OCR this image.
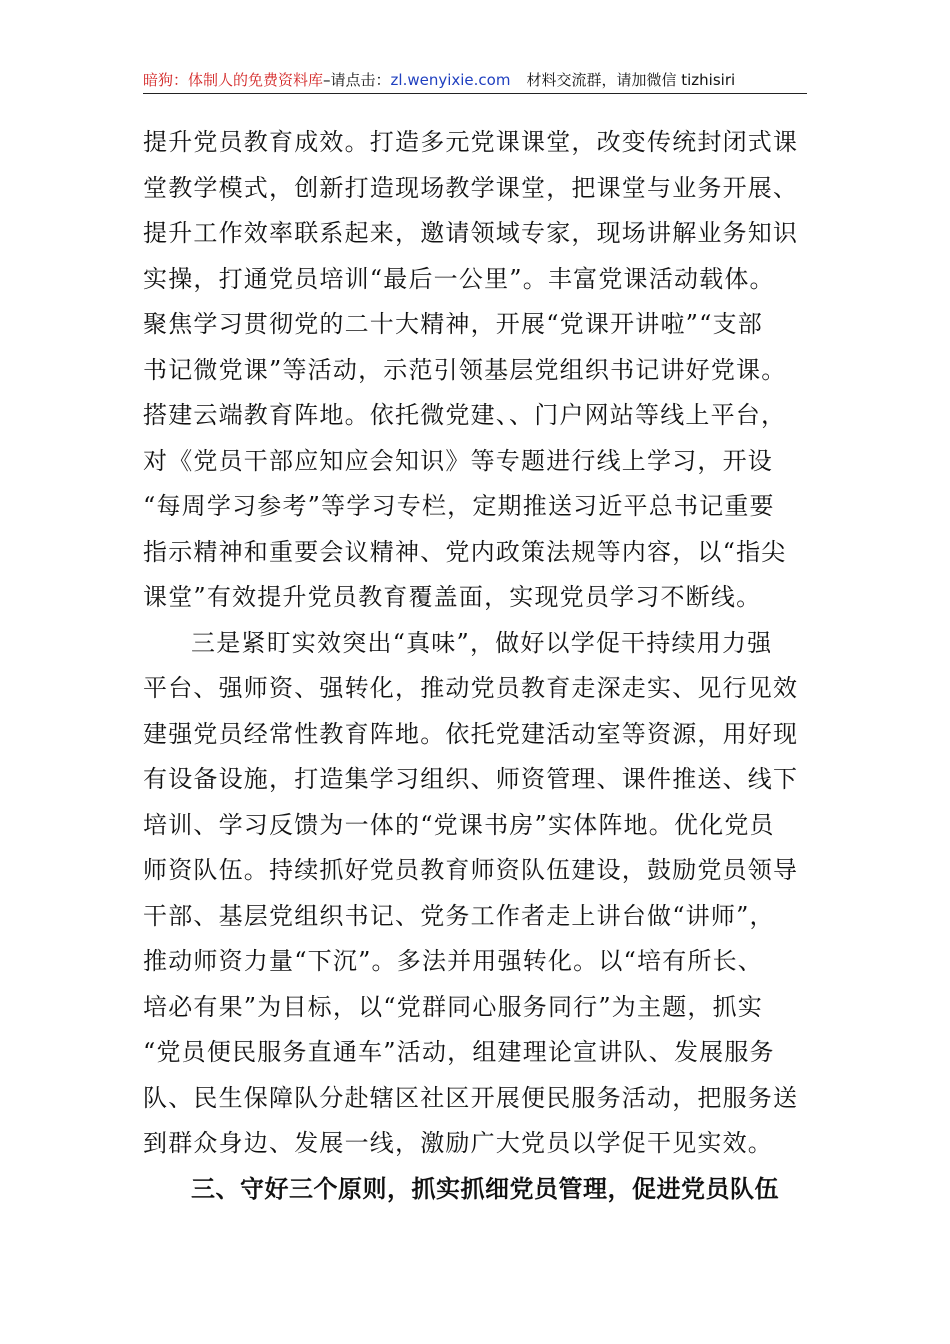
暗狗：体制人的免费资料库–请点击：zl.wenyixie.com 材料交流群，请加微信 tizhisiri
提升党员教育成效。打造多元党课课堂，改变传统封闭式课
堂教学模式，创新打造现场教学课堂，把课堂与业务开展、
提升工作效率联系起来，邀请领域专家，现场讲解业务知识
实操，打通党员培训“最后一公里”。丰富党课活动载体。
聚焦学习贯彻党的二十大精神，开展“党课开讲啦”“支部
书记微党课”等活动，示范引领基层党组织书记讲好党课。
搭建云端教育阵地。依托微党建、、门户网站等线上平台，
对《党员干部应知应会知识》等专题进行线上学习，开设
“每周学习参考”等学习专栏，定期推送习近平总书记重要
指示精神和重要会议精神、党内政策法规等内容，以“指尖
课堂”有效提升党员教育覆盖面，实现党员学习不断线。
三是紧盯实效突出“真味”，做好以学促干持续用力强
平台、强师资、强转化，推动党员教育走深走实、见行见效
建强党员经常性教育阵地。依托党建活动室等资源，用好现
有设备设施，打造集学习组织、师资管理、课件推送、线下
培训、学习反馈为一体的“党课书房”实体阵地。优化党员
师资队伍。持续抓好党员教育师资队伍建设，鼓励党员领导
干部、基层党组织书记、党务工作者走上讲台做“讲师”，
推动师资力量“下沉”。多法并用强转化。以“培有所长、
培必有果”为目标，以“党群同心服务同行”为主题，抓实
“党员便民服务直通车”活动，组建理论宣讲队、发展服务
队、民生保障队分赴辖区社区开展便民服务活动，把服务送
到群众身边、发展一线，激励广大党员以学促干见实效。
三、守好三个原则，抓实抓细党员管理，促进党员队伍
